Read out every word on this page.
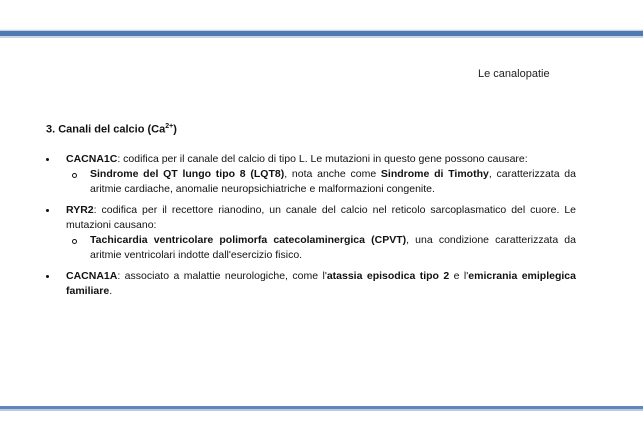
Le canalopatie
3. Canali del calcio $(Ca^{2+})$
CACNA1C: codifica per il canale del calcio di tipo L. Le mutazioni in questo gene possono causare:
Sindrome del QT lungo tipo 8 (LQT8), nota anche come Sindrome di Timothy, caratterizzata da aritmie cardiache, anomalie neuropsichiatriche e malformazioni congenite.
RYR2: codifica per il recettore rianodino, un canale del calcio nel reticolo sarcoplasmatico del cuore. Le mutazioni causano:
Tachicardia ventricolare polimorfa catecolaminergica (CPVT), una condizione caratterizzata da aritmie ventricolari indotte dall'esercizio fisico.
CACNA1A: associato a malattie neurologiche, come l'atassia episodica tipo 2 e l'emicrania emiplegica familiare.
